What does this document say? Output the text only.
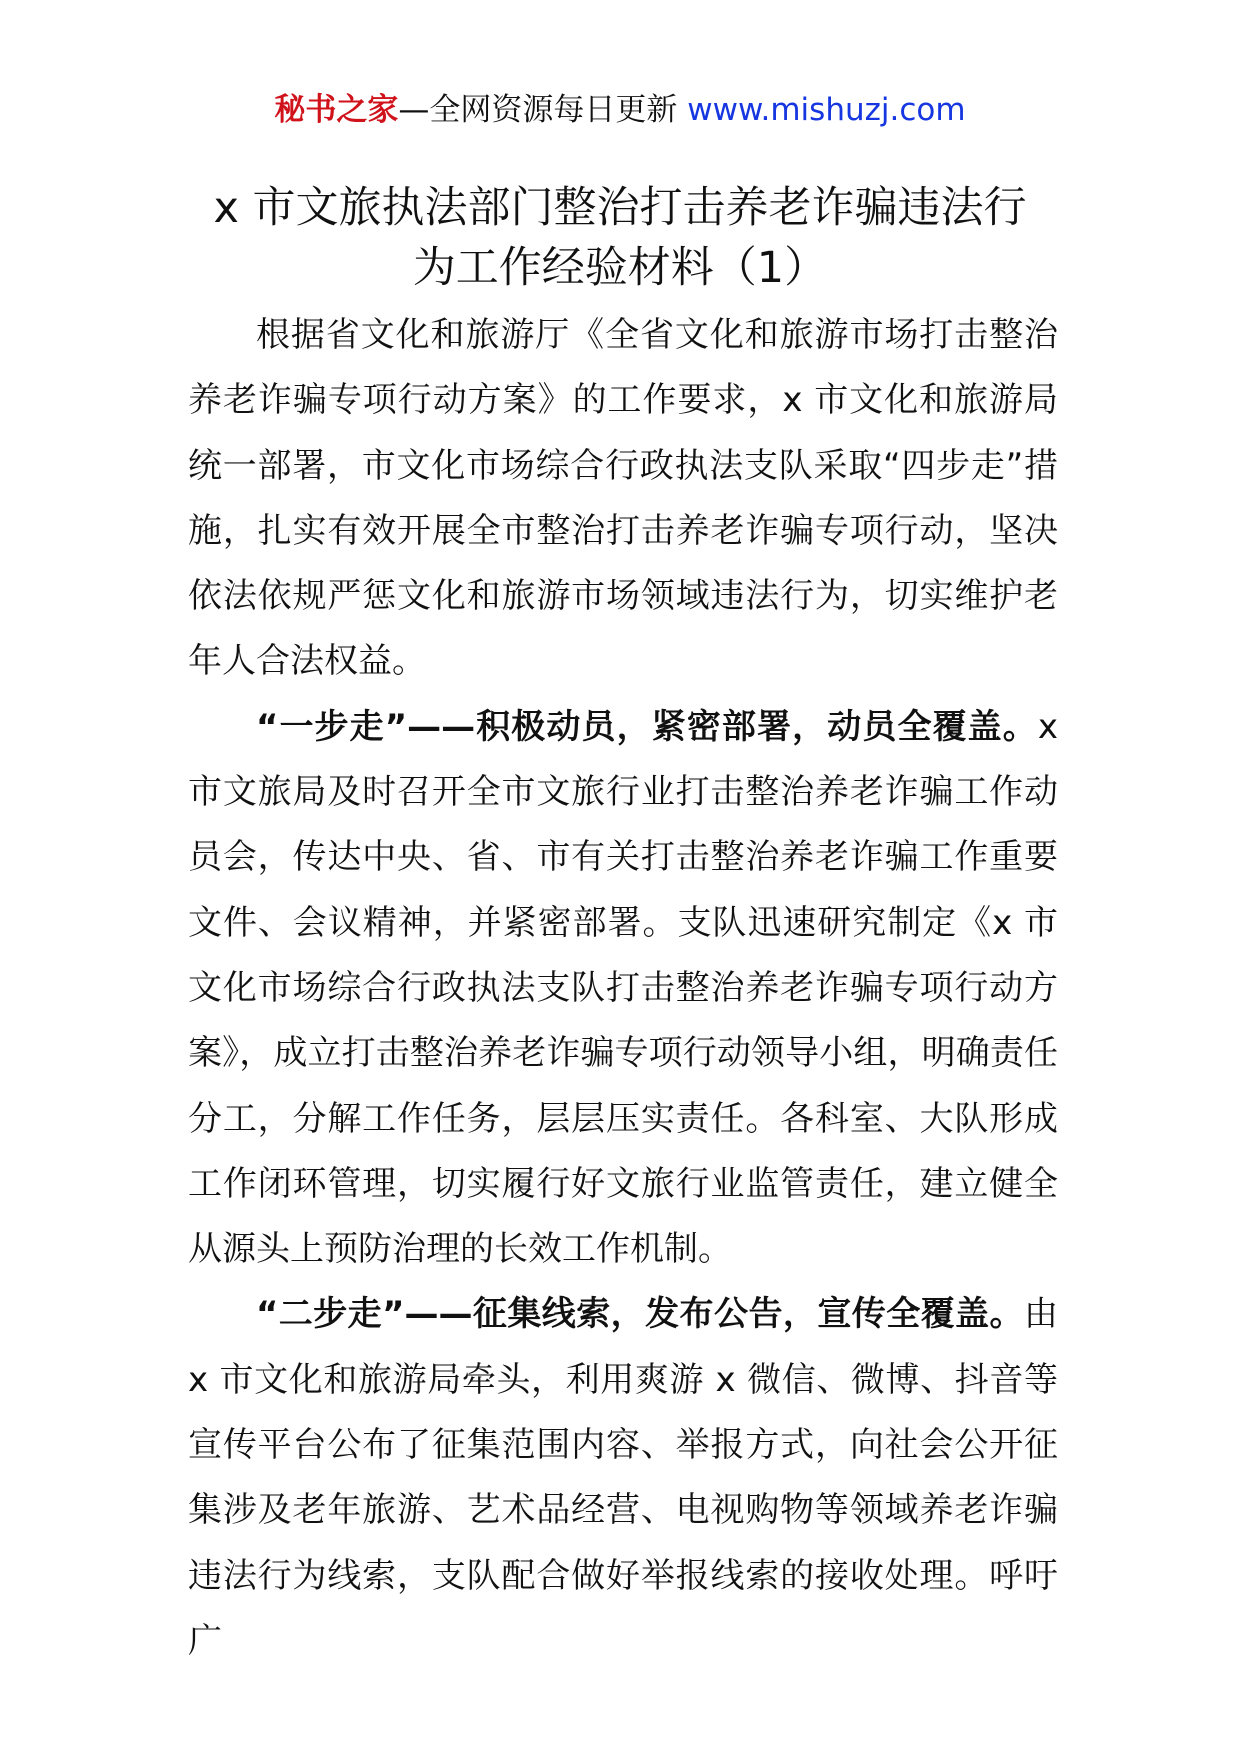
秘书之家—全网资源每日更新 www.mishuzj.com
x 市文旅执法部门整治打击养老诈骗违法行
为工作经验材料（1）

根据省文化和旅游厅《全省文化和旅游市场打击整治养老诈骗专项行动方案》的工作要求，x 市文化和旅游局统一部署，市文化市场综合行政执法支队采取“四步走”措施，扎实有效开展全市整治打击养老诈骗专项行动，坚决依法依规严惩文化和旅游市场领域违法行为，切实维护老年人合法权益。

“一步走”——积极动员，紧密部署，动员全覆盖。x 市文旅局及时召开全市文旅行业打击整治养老诈骗工作动员会，传达中央、省、市有关打击整治养老诈骗工作重要文件、会议精神，并紧密部署。支队迅速研究制定《x 市文化市场综合行政执法支队打击整治养老诈骗专项行动方案》，成立打击整治养老诈骗专项行动领导小组，明确责任分工，分解工作任务，层层压实责任。各科室、大队形成工作闭环管理，切实履行好文旅行业监管责任，建立健全从源头上预防治理的长效工作机制。

“二步走”——征集线索，发布公告，宣传全覆盖。由 x 市文化和旅游局牵头，利用爽游 x 微信、微博、抖音等宣传平台公布了征集范围内容、举报方式，向社会公开征集涉及老年旅游、艺术品经营、电视购物等领域养老诈骗违法行为线索，支队配合做好举报线索的接收处理。呼吁广
